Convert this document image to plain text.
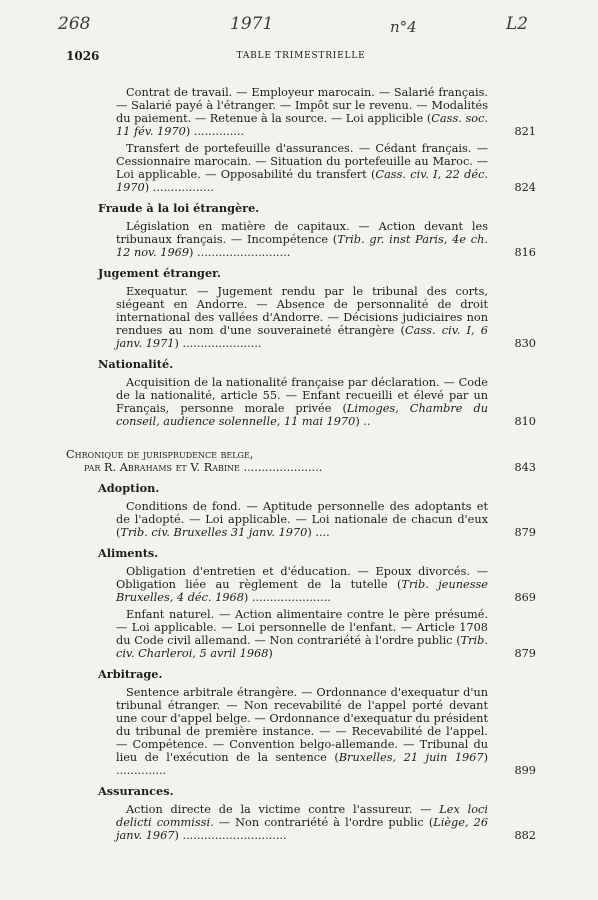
268	1971	n°4	L2
1026	TABLE TRIMESTRIELLE
Contrat de travail. — Employeur marocain. — Salarié français. — Salarié payé à l'étranger. — Impôt sur le revenu. — Modalités du paiement. — Retenue à la source. — Loi applicible (Cass. soc. 11 fév. 1970) ..............	821
Transfert de portefeuille d'assurances. — Cédant français. — Cessionnaire marocain. — Situation du portefeuille au Maroc. — Loi applicable. — Opposabilité du transfert (Cass. civ. I, 22 déc. 1970) .................	824
Fraude à la loi étrangère.
Législation en matière de capitaux. — Action devant les tribunaux français. — Incompétence (Trib. gr. inst Paris, 4e ch. 12 nov. 1969) ..........................	816
Jugement étranger.
Exequatur. — Jugement rendu par le tribunal des corts, siégeant en Andorre. — Absence de personnalité de droit international des vallées d'Andorre. — Décisions judiciaires non rendues au nom d'une souveraineté étrangère (Cass. civ. I, 6 janv. 1971) ......................	830
Nationalité.
Acquisition de la nationalité française par déclaration. — Code de la nationalité, article 55. — Enfant recueilli et élevé par un Français, personne morale privée (Limoges, Chambre du conseil, audience solennelle, 11 mai 1970) ..	810
Chronique de jurisprudence belge,
par R. Abrahams et V. Rabine ......................	843
Adoption.
Conditions de fond. — Aptitude personnelle des adoptants et de l'adopté. — Loi applicable. — Loi nationale de chacun d'eux (Trib. civ. Bruxelles 31 janv. 1970) ....	879
Aliments.
Obligation d'entretien et d'éducation. — Epoux divorcés. — Obligation liée au règlement de la tutelle (Trib. jeunesse Bruxelles, 4 déc. 1968) ......................	869
Enfant naturel. — Action alimentaire contre le père présumé. — Loi applicable. — Loi personnelle de l'enfant. — Article 1708 du Code civil allemand. — Non contrariété à l'ordre public (Trib. civ. Charleroi, 5 avril 1968)	879
Arbitrage.
Sentence arbitrale étrangère. — Ordonnance d'exequatur d'un tribunal étranger. — Non recevabilité de l'appel porté devant une cour d'appel belge. — Ordonnance d'exequatur du président du tribunal de première instance. — — Recevabilité de l'appel. — Compétence. — Convention belgo-allemande. — Tribunal du lieu de l'exécution de la sentence (Bruxelles, 21 juin 1967) ..............	899
Assurances.
Action directe de la victime contre l'assureur. — Lex loci delicti commissi. — Non contrariété à l'ordre public (Liège, 26 janv. 1967) .............................	882
